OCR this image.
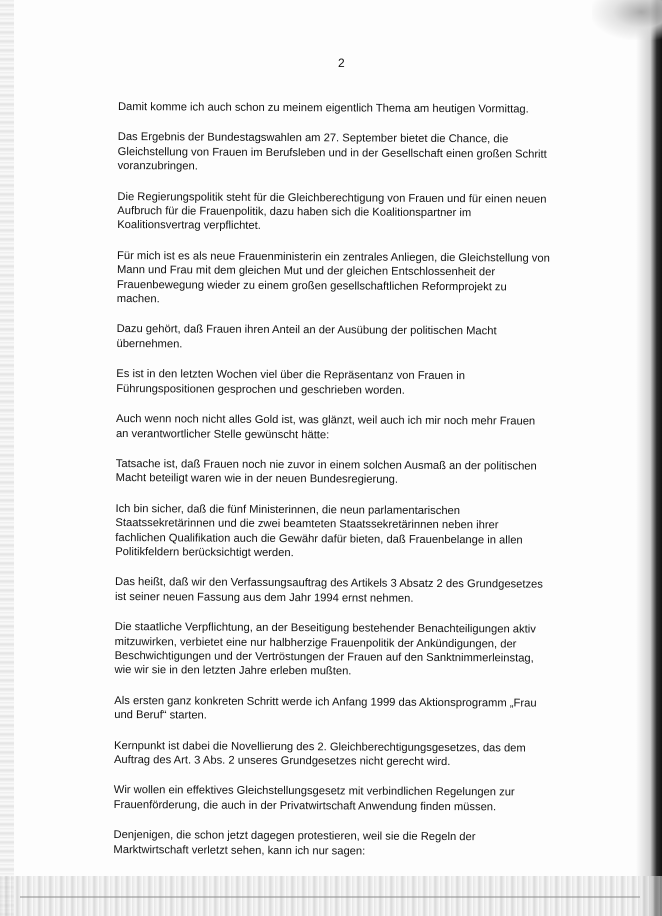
2

Damit komme ich auch schon zu meinem eigentlich Thema am heutigen Vormittag.

Das Ergebnis der Bundestagswahlen am 27. September bietet die Chance, die
Gleichstellung von Frauen im Berufsleben und in der Gesellschaft einen großen Schritt
voranzubringen.

Die Regierungspolitik steht für die Gleichberechtigung von Frauen und für einen neuen
Aufbruch für die Frauenpolitik, dazu haben sich die Koalitionspartner im
Koalitionsvertrag verpflichtet.

Für mich ist es als neue Frauenministerin ein zentrales Anliegen, die Gleichstellung von
Mann und Frau mit dem gleichen Mut und der gleichen Entschlossenheit der
Frauenbewegung wieder zu einem großen gesellschaftlichen Reformprojekt zu
machen.

Dazu gehört, daß Frauen ihren Anteil an der Ausübung der politischen Macht
übernehmen.

Es ist in den letzten Wochen viel über die Repräsentanz von Frauen in
Führungspositionen gesprochen und geschrieben worden.

Auch wenn noch nicht alles Gold ist, was glänzt, weil auch ich mir noch mehr Frauen
an verantwortlicher Stelle gewünscht hätte:

Tatsache ist, daß Frauen noch nie zuvor in einem solchen Ausmaß an der politischen
Macht beteiligt waren wie in der neuen Bundesregierung.

Ich bin sicher, daß die fünf Ministerinnen, die neun parlamentarischen
Staatssekretärinnen und die zwei beamteten Staatssekretärinnen neben ihrer
fachlichen Qualifikation auch die Gewähr dafür bieten, daß Frauenbelange in allen
Politikfeldern berücksichtigt werden.

Das heißt, daß wir den Verfassungsauftrag des Artikels 3 Absatz 2 des Grundgesetzes
ist seiner neuen Fassung aus dem Jahr 1994 ernst nehmen.

Die staatliche Verpflichtung, an der Beseitigung bestehender Benachteiligungen aktiv
mitzuwirken, verbietet eine nur halbherzige Frauenpolitik der Ankündigungen, der
Beschwichtigungen und der Vertröstungen der Frauen auf den Sanktnimmerleinstag,
wie wir sie in den letzten Jahre erleben mußten.

Als ersten ganz konkreten Schritt werde ich Anfang 1999 das Aktionsprogramm „Frau
und Beruf“ starten.

Kernpunkt ist dabei die Novellierung des 2. Gleichberechtigungsgesetzes, das dem
Auftrag des Art. 3 Abs. 2 unseres Grundgesetzes nicht gerecht wird.

Wir wollen ein effektives Gleichstellungsgesetz mit verbindlichen Regelungen zur
Frauenförderung, die auch in der Privatwirtschaft Anwendung finden müssen.

Denjenigen, die schon jetzt dagegen protestieren, weil sie die Regeln der
Marktwirtschaft verletzt sehen, kann ich nur sagen:
